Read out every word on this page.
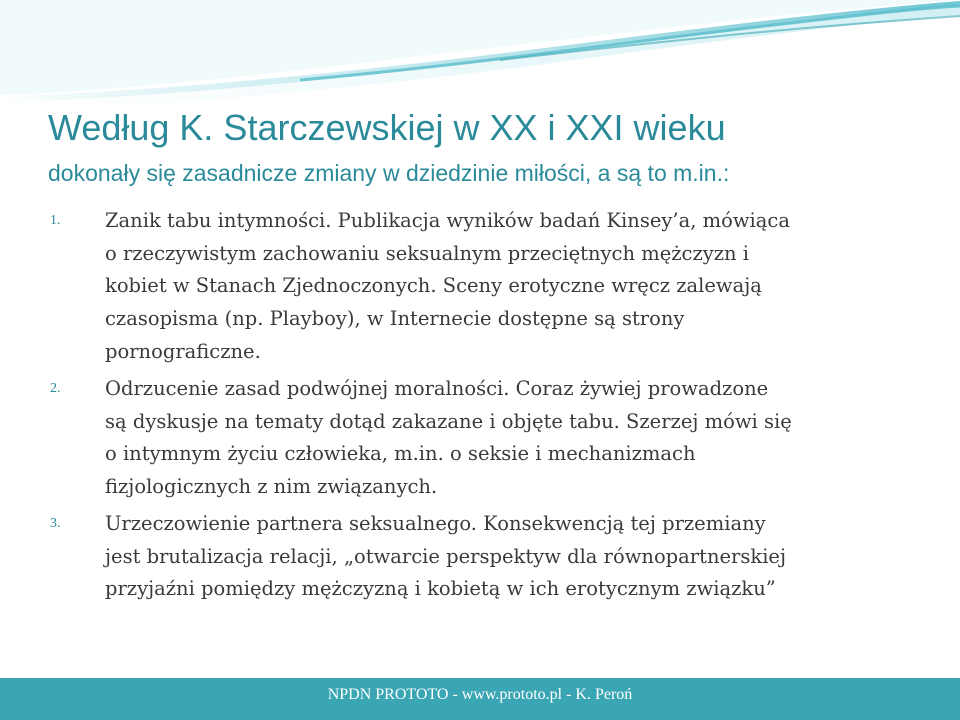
Według K. Starczewskiej w XX i XXI wieku
dokonały się zasadnicze zmiany w dziedzinie miłości, a są to m.in.:
1.	Zanik tabu intymności. Publikacja wyników badań Kinsey’a, mówiąca
o rzeczywistym zachowaniu seksualnym przeciętnych mężczyzn i
kobiet w Stanach Zjednoczonych. Sceny erotyczne wręcz zalewają
czasopisma (np. Playboy), w Internecie dostępne są strony
pornograficzne.
2.	Odrzucenie zasad podwójnej moralności. Coraz żywiej prowadzone
są dyskusje na tematy dotąd zakazane i objęte tabu. Szerzej mówi się
o intymnym życiu człowieka, m.in. o seksie i mechanizmach
fizjologicznych z nim związanych.
3.	Urzeczowienie partnera seksualnego. Konsekwencją tej przemiany
jest brutalizacja relacji, „otwarcie perspektyw dla równopartnerskiej
przyjaźni pomiędzy mężczyzną i kobietą w ich erotycznym związku”
NPDN PROTOTO - www.prototo.pl - K. Peroń
